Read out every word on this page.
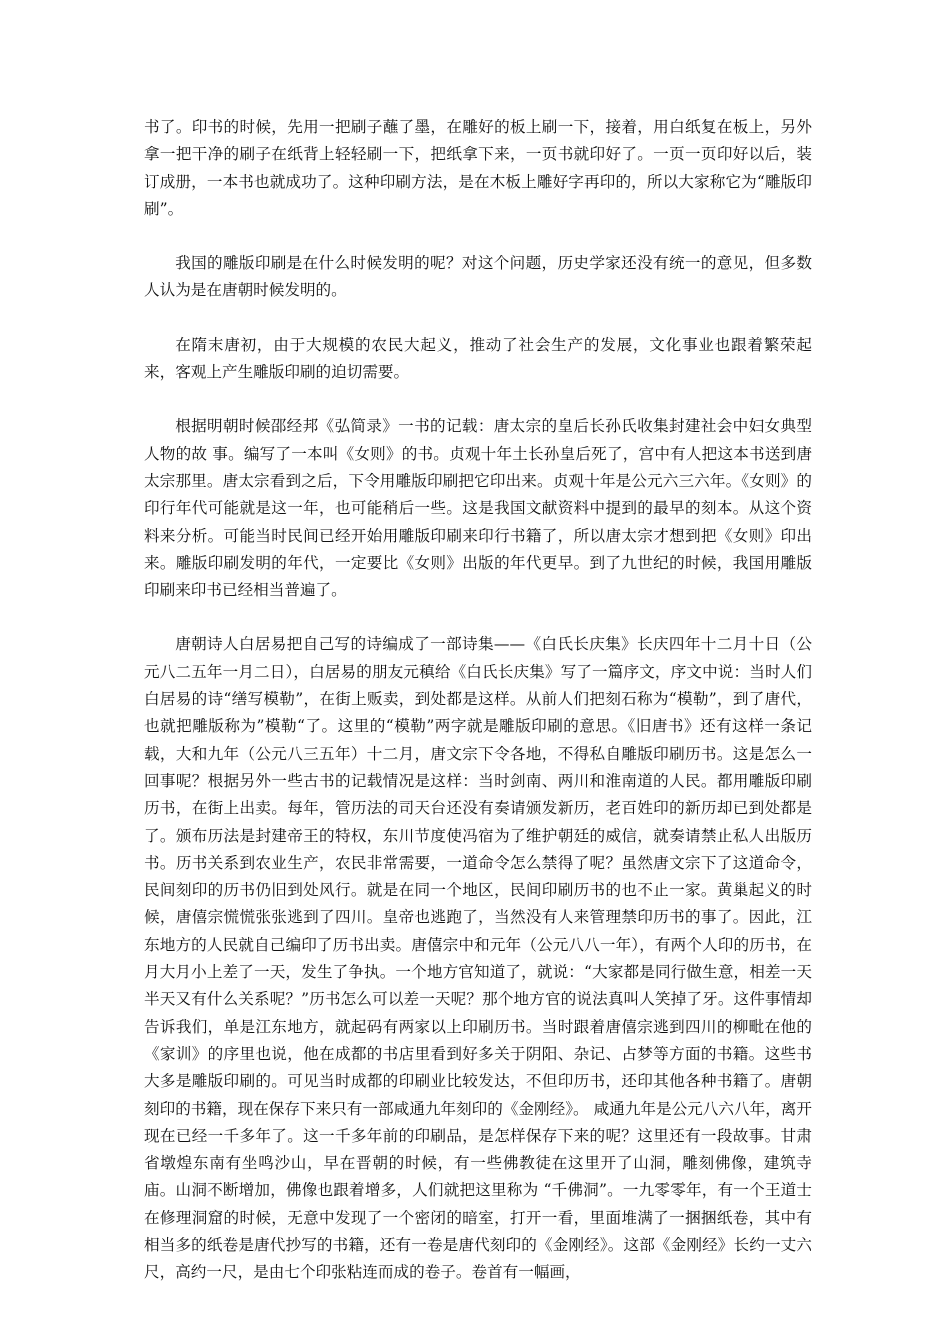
书了。印书的时候，先用一把刷子蘸了墨，在雕好的板上刷一下，接着，用白纸复在板上，另外拿一把干净的刷子在纸背上轻轻刷一下，把纸拿下来，一页书就印好了。一页一页印好以后，装订成册，一本书也就成功了。这种印刷方法，是在木板上雕好字再印的，所以大家称它为“雕版印刷”。

我国的雕版印刷是在什么时候发明的呢？对这个问题，历史学家还没有统一的意见，但多数人认为是在唐朝时候发明的。

在隋末唐初，由于大规模的农民大起义，推动了社会生产的发展，文化事业也跟着繁荣起来，客观上产生雕版印刷的迫切需要。

根据明朝时候邵经邦《弘简录》一书的记载：唐太宗的皇后长孙氏收集封建社会中妇女典型人物的故 事。编写了一本叫《女则》的书。贞观十年土长孙皇后死了，宫中有人把这本书送到唐太宗那里。唐太宗看到之后，下令用雕版印刷把它印出来。贞观十年是公元六三六年。《女则》的印行年代可能就是这一年，也可能稍后一些。这是我国文献资料中提到的最早的刻本。从这个资料来分析。可能当时民间已经开始用雕版印刷来印行书籍了，所以唐太宗才想到把《女则》印出来。雕版印刷发明的年代，一定要比《女则》出版的年代更早。到了九世纪的时候，我国用雕版印刷来印书已经相当普遍了。

唐朝诗人白居易把自己写的诗编成了一部诗集——《白氏长庆集》长庆四年十二月十日（公元八二五年一月二日），白居易的朋友元稹给《白氏长庆集》写了一篇序文，序文中说：当时人们白居易的诗“缮写模勒”，在街上贩卖，到处都是这样。从前人们把刻石称为“模勒”，到了唐代，也就把雕版称为”模勒“了。这里的“模勒”两字就是雕版印刷的意思。《旧唐书》还有这样一条记载，大和九年（公元八三五年）十二月，唐文宗下令各地，不得私自雕版印刷历书。这是怎么一回事呢？根据另外一些古书的记载情况是这样：当时剑南、两川和淮南道的人民。都用雕版印刷历书，在街上出卖。每年，管历法的司天台还没有奏请颁发新历，老百姓印的新历却已到处都是了。颁布历法是封建帝王的特权，东川节度使冯宿为了维护朝廷的威信，就奏请禁止私人出版历书。历书关系到农业生产，农民非常需要，一道命令怎么禁得了呢？虽然唐文宗下了这道命令，民间刻印的历书仍旧到处风行。就是在同一个地区，民间印刷历书的也不止一家。黄巢起义的时候，唐僖宗慌慌张张逃到了四川。皇帝也逃跑了，当然没有人来管理禁印历书的事了。因此，江东地方的人民就自己编印了历书出卖。唐僖宗中和元年（公元八八一年），有两个人印的历书，在月大月小上差了一天，发生了争执。一个地方官知道了，就说：“大家都是同行做生意，相差一天半天又有什么关系呢？”历书怎么可以差一天呢？那个地方官的说法真叫人笑掉了牙。这件事情却告诉我们，单是江东地方，就起码有两家以上印刷历书。当时跟着唐僖宗逃到四川的柳毗在他的《家训》的序里也说，他在成都的书店里看到好多关于阴阳、杂记、占梦等方面的书籍。这些书大多是雕版印刷的。可见当时成都的印刷业比较发达，不但印历书，还印其他各种书籍了。唐朝刻印的书籍，现在保存下来只有一部咸通九年刻印的《金刚经》。 咸通九年是公元八六八年，离开现在已经一千多年了。这一千多年前的印刷品，是怎样保存下来的呢？这里还有一段故事。甘肃省墩煌东南有坐鸣沙山，早在晋朝的时候，有一些佛教徒在这里开了山洞，雕刻佛像，建筑寺庙。山洞不断增加，佛像也跟着增多，人们就把这里称为 “千佛洞”。一九零零年，有一个王道士在修理洞窟的时候，无意中发现了一个密闭的暗室，打开一看，里面堆满了一捆捆纸卷，其中有相当多的纸卷是唐代抄写的书籍，还有一卷是唐代刻印的《金刚经》。这部《金刚经》长约一丈六尺，高约一尺，是由七个印张粘连而成的卷子。卷首有一幅画，
